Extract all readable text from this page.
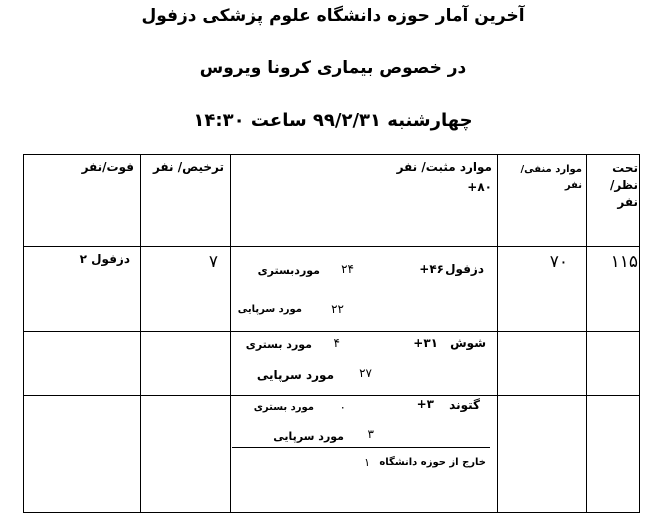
آخرین آمار حوزه دانشگاه علوم پزشکی دزفول
در خصوص بیماری کرونا ویروس
چهارشنبه ۹۹/۲/۳۱ ساعت ۱۴:۳۰
تحت نظر/ نفر
موارد منفی/ نفر
موارد مثبت/ نفر
۸۰+
ترخیص/ نفر
فوت/نفر
۱۱۵
۷۰
دزفول
۴۶+
۲۴
موردبستری
۲۲
مورد سرپایی
۷
دزفول ۲
شوش
۳۱+
۴
مورد بستری
۲۷
مورد سرپایی
گتوند
۳+
۰
مورد بستری
۳
مورد سرپایی
خارج از حوزه دانشگاه
۱
